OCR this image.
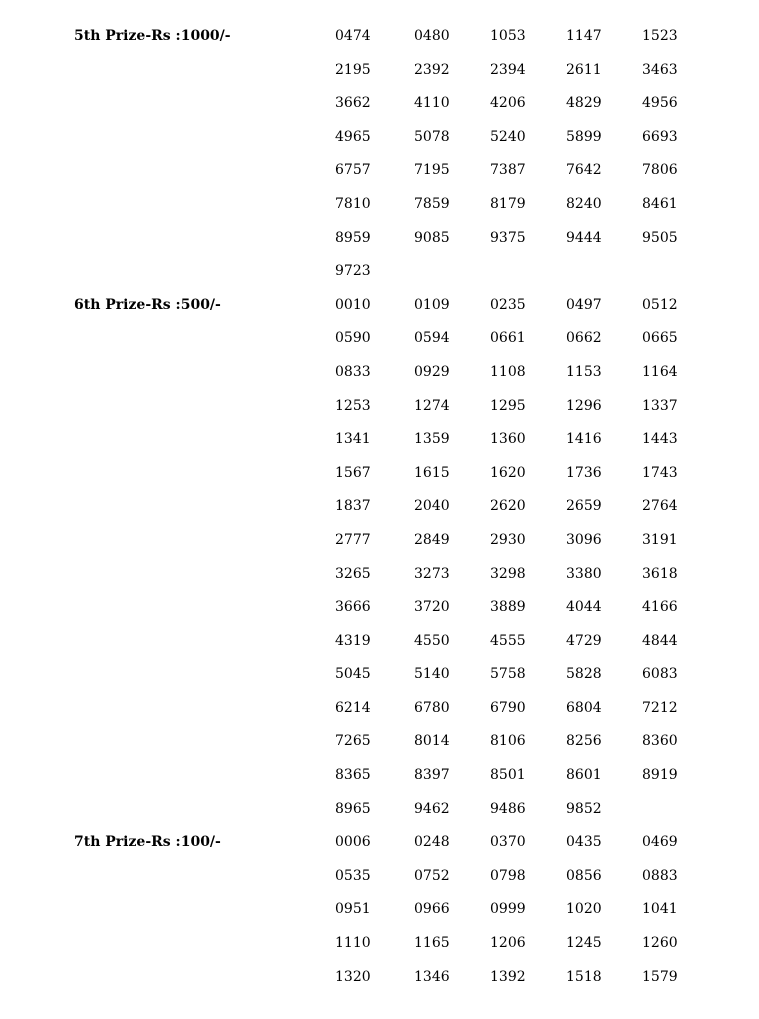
5th Prize-Rs :1000/-	0474	0480	1053	1147	1523
2195	2392	2394	2611	3463
3662	4110	4206	4829	4956
4965	5078	5240	5899	6693
6757	7195	7387	7642	7806
7810	7859	8179	8240	8461
8959	9085	9375	9444	9505
9723
6th Prize-Rs :500/-	0010	0109	0235	0497	0512
0590	0594	0661	0662	0665
0833	0929	1108	1153	1164
1253	1274	1295	1296	1337
1341	1359	1360	1416	1443
1567	1615	1620	1736	1743
1837	2040	2620	2659	2764
2777	2849	2930	3096	3191
3265	3273	3298	3380	3618
3666	3720	3889	4044	4166
4319	4550	4555	4729	4844
5045	5140	5758	5828	6083
6214	6780	6790	6804	7212
7265	8014	8106	8256	8360
8365	8397	8501	8601	8919
8965	9462	9486	9852
7th Prize-Rs :100/-	0006	0248	0370	0435	0469
0535	0752	0798	0856	0883
0951	0966	0999	1020	1041
1110	1165	1206	1245	1260
1320	1346	1392	1518	1579
